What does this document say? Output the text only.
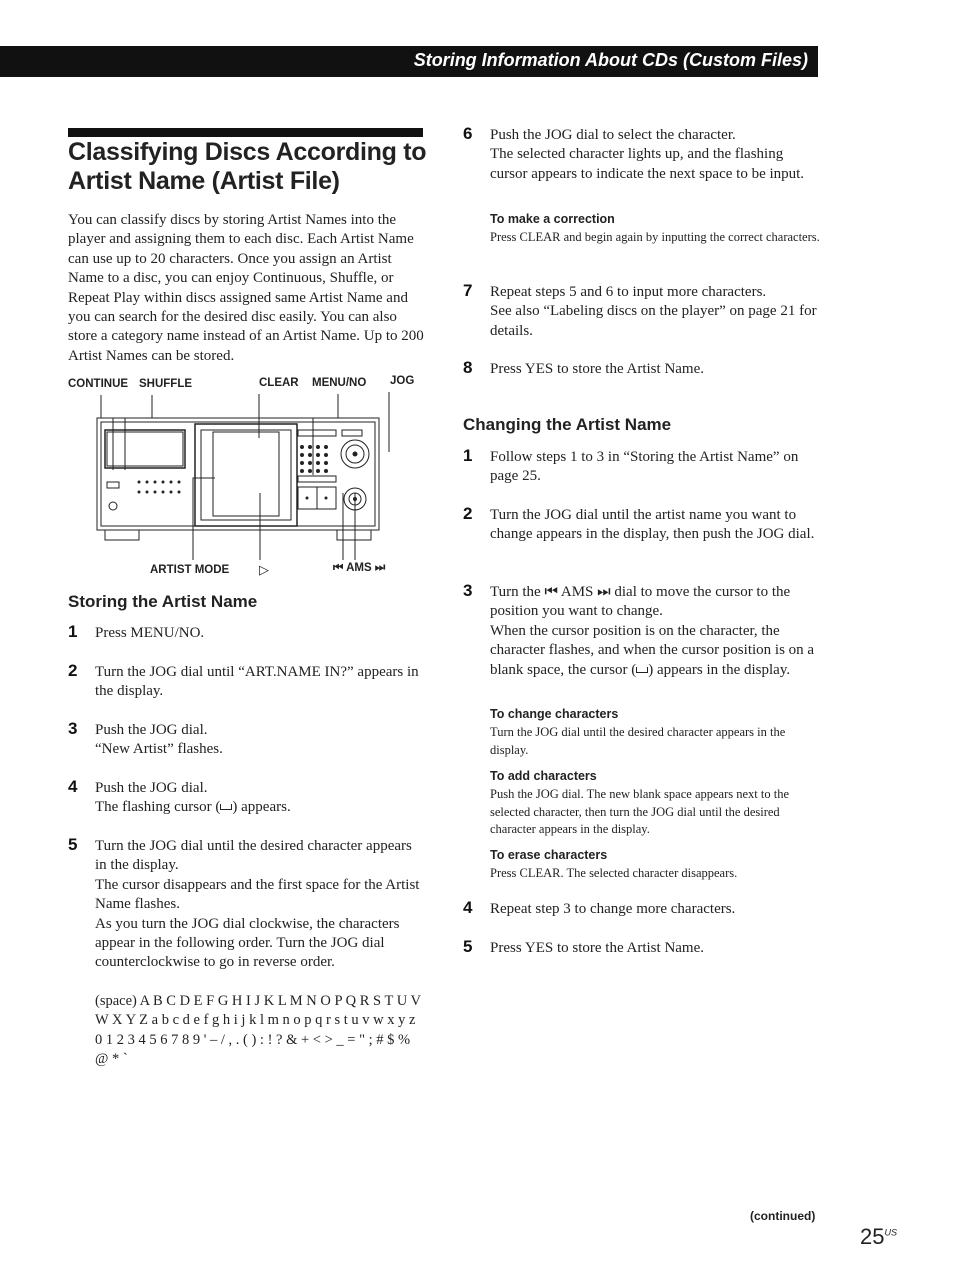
Storing Information About CDs (Custom Files)
Classifying Discs According to Artist Name (Artist File)
You can classify discs by storing Artist Names into the player and assigning them to each disc. Each Artist Name can use up to 20 characters. Once you assign an Artist Name to a disc, you can enjoy Continuous, Shuffle, or Repeat Play within discs assigned same Artist Name and you can search for the desired disc easily. You can also store a category name instead of an Artist Name. Up to 200 Artist Names can be stored.
CONTINUE SHUFFLE	CLEAR MENU/NO JOG
ARTIST MODE ▷	⏮ AMS ⏭
Storing the Artist Name
1 Press MENU/NO.
2 Turn the JOG dial until “ART.NAME IN?” appears in the display.
3 Push the JOG dial.
“New Artist” flashes.
4 Push the JOG dial.
The flashing cursor ( ) appears.
5 Turn the JOG dial until the desired character appears in the display.
The cursor disappears and the first space for the Artist Name flashes.
As you turn the JOG dial clockwise, the characters appear in the following order. Turn the JOG dial counterclockwise to go in reverse order.
(space) A B C D E F G H I J K L M N O P Q R S T U V W X Y Z a b c d e f g h i j k l m n o p q r s t u v w x y z 0 1 2 3 4 5 6 7 8 9 ' – / , . ( ) : ! ? & + < > _ = " ; # $ % @ * `
6 Push the JOG dial to select the character.
The selected character lights up, and the flashing cursor appears to indicate the next space to be input.
To make a correction
Press CLEAR and begin again by inputting the correct characters.
7 Repeat steps 5 and 6 to input more characters.
See also “Labeling discs on the player” on page 21 for details.
8 Press YES to store the Artist Name.
Changing the Artist Name
1 Follow steps 1 to 3 in “Storing the Artist Name” on page 25.
2 Turn the JOG dial until the artist name you want to change appears in the display, then push the JOG dial.
3 Turn the ⏮ AMS ⏭ dial to move the cursor to the position you want to change.
When the cursor position is on the character, the character flashes, and when the cursor position is on a blank space, the cursor ( ) appears in the display.
To change characters
Turn the JOG dial until the desired character appears in the display.
To add characters
Push the JOG dial. The new blank space appears next to the selected character, then turn the JOG dial until the desired character appears in the display.
To erase characters
Press CLEAR. The selected character disappears.
4 Repeat step 3 to change more characters.
5 Press YES to store the Artist Name.
(continued)
$25^{US}$
